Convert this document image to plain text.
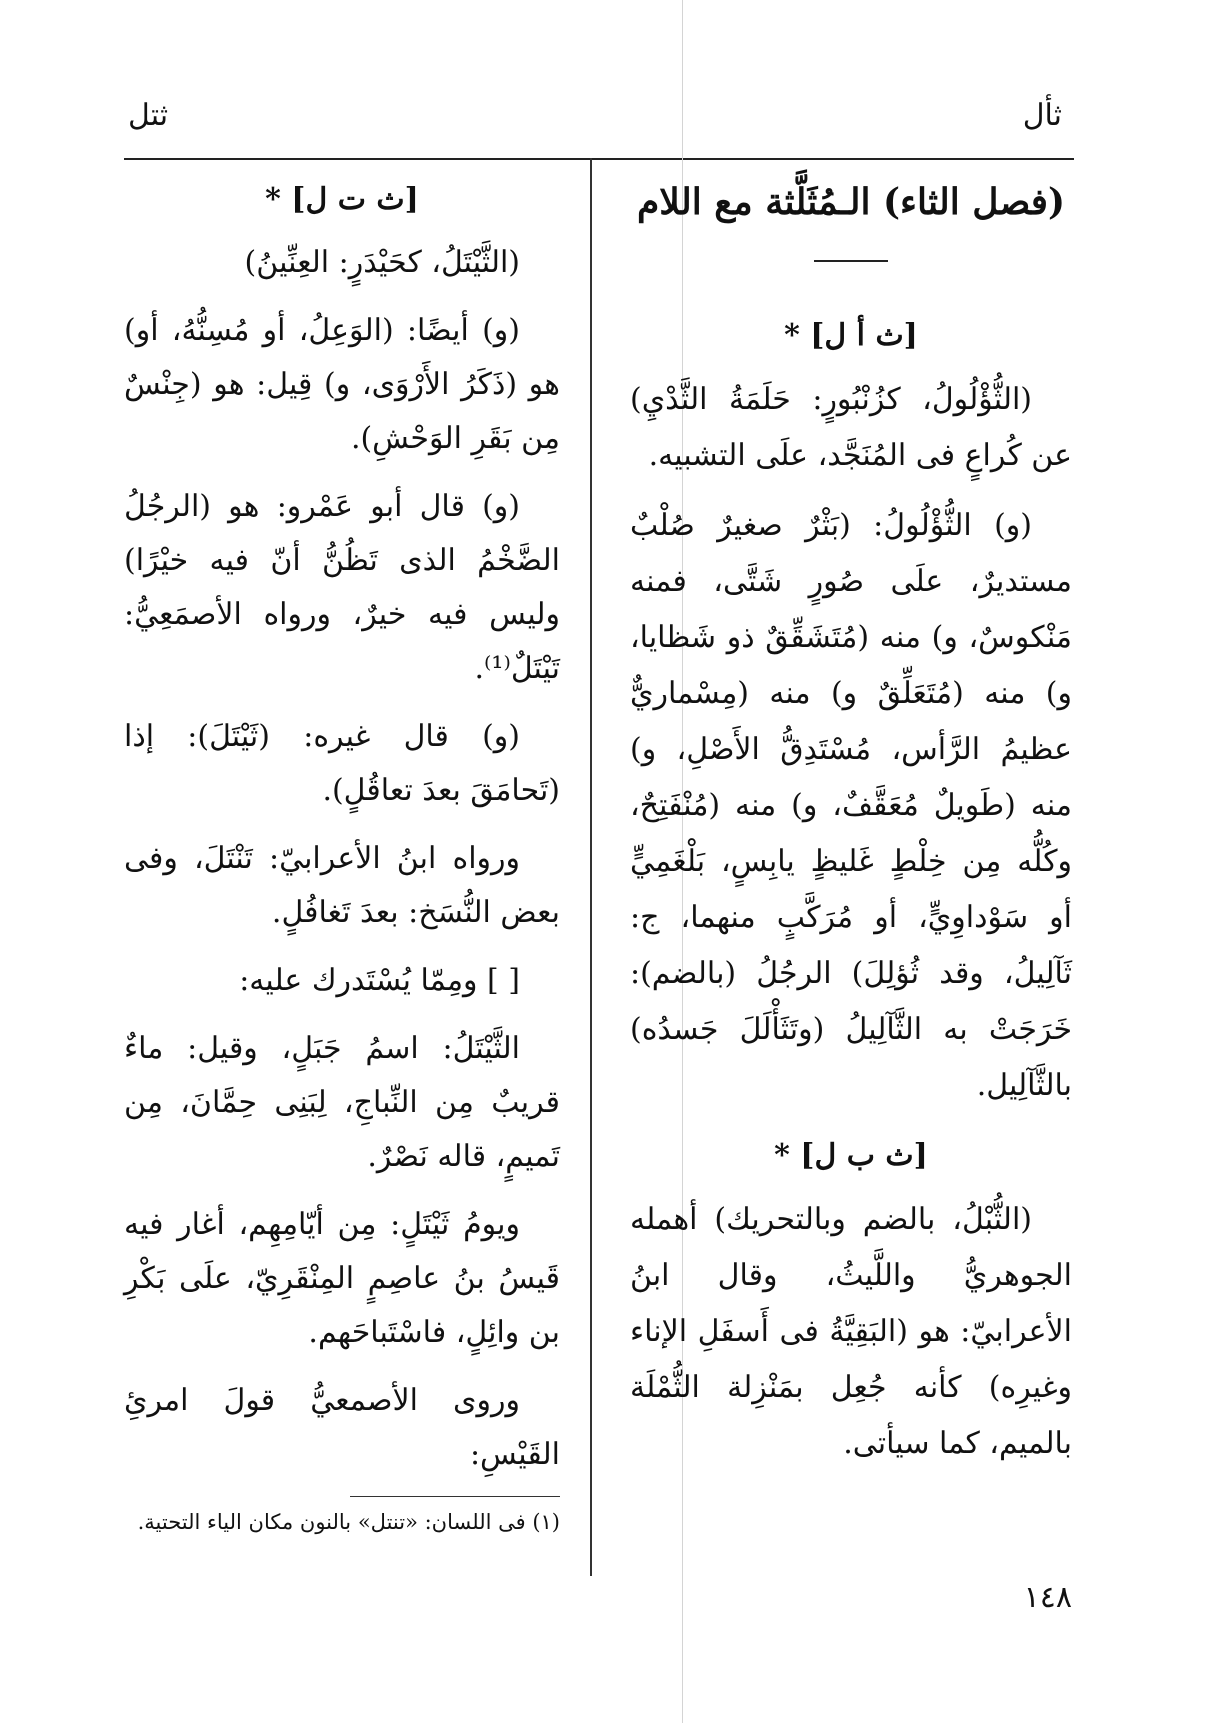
ثأل
ثتل
(فصل الثاء) الـمُثَلَّثة مع اللام
[ث أ ل] *

(الثُّؤْلُولُ، كزُنْبُورٍ: حَلَمَةُ الثَّدْيِ) عن كُراعٍ فى المُنَجَّد، علَى التشبيه.

(و) الثُّؤْلُولُ: (بَثْرٌ صغيرٌ صُلْبٌ مستديرٌ، علَى صُورٍ شَتَّى، فمنه مَنْكوسٌ، و) منه (مُتَشَقِّقٌ ذو شَظايا، و) منه (مُتَعَلِّقٌ و) منه (مِسْماريٌّ عظيمُ الرَّأس، مُسْتَدِقُّ الأَصْلِ، و) منه (طَويلٌ مُعَقَّفٌ، و) منه (مُنْفَتِحٌ، وكُلُّه مِن خِلْطٍ غَليظٍ يابِسٍ، بَلْغَمِيٍّ أو سَوْداوِيٍّ، أو مُرَكَّبٍ منهما، ج: ثَآلِيلُ، وقد ثُؤلِلَ) الرجُلُ (بالضم): خَرَجَتْ به الثَّآلِيلُ (وتَثَأْلَلَ جَسدُه) بالثَّآلِيل.

[ث ب ل] *

(الثُّبْلُ، بالضم وبالتحريك) أهمله الجوهريُّ واللَّيثُ، وقال ابنُ الأعرابيّ: هو (البَقِيَّةُ فى أَسفَلِ الإناء وغيرِه) كأنه جُعِل بمَنْزِلة الثُّمْلَة بالميم، كما سيأتى.

[ث ت ل] *

(الثَّيْتَلُ، كحَيْدَرٍ: العِنِّينُ)

(و) أيضًا: (الوَعِلُ، أو مُسِنُّهُ، أو) هو (ذَكَرُ الأَرْوَى، و) قِيل: هو (جِنْسٌ مِن بَقَرِ الوَحْشِ).

(و) قال أبو عَمْرو: هو (الرجُلُ الضَّخْمُ الذى تَظُنُّ أنّ فيه خيْرًا) وليس فيه خيرٌ، ورواه الأصمَعِيُّ: تَيْتَلٌ⁽¹⁾.

(و) قال غيره: (ثَيْتَلَ): إذا (تَحامَقَ بعدَ تعاقُلٍ).

ورواه ابنُ الأعرابيّ: تَنْتَلَ، وفى بعض النُّسَخ: بعدَ تَغافُلٍ.

[ ] ومِمّا يُسْتَدرك عليه:

الثَّيْتَلُ: اسمُ جَبَلٍ، وقيل: ماءٌ قريبٌ مِن النِّباجِ، لِبَنِى حِمَّانَ، مِن تَميمٍ، قاله نَصْرٌ.

ويومُ ثَيْتَلٍ: مِن أيّامِهِم، أغار فيه قَيسُ بنُ عاصِمٍ المِنْقَرِيّ، علَى بَكْرِ بن وائِلٍ، فاسْتَباحَهم.

وروى الأصمعيُّ قولَ امرئِ القَيْسِ:

(١) فى اللسان: «تنتل» بالنون مكان الياء التحتية.
١٤٨
